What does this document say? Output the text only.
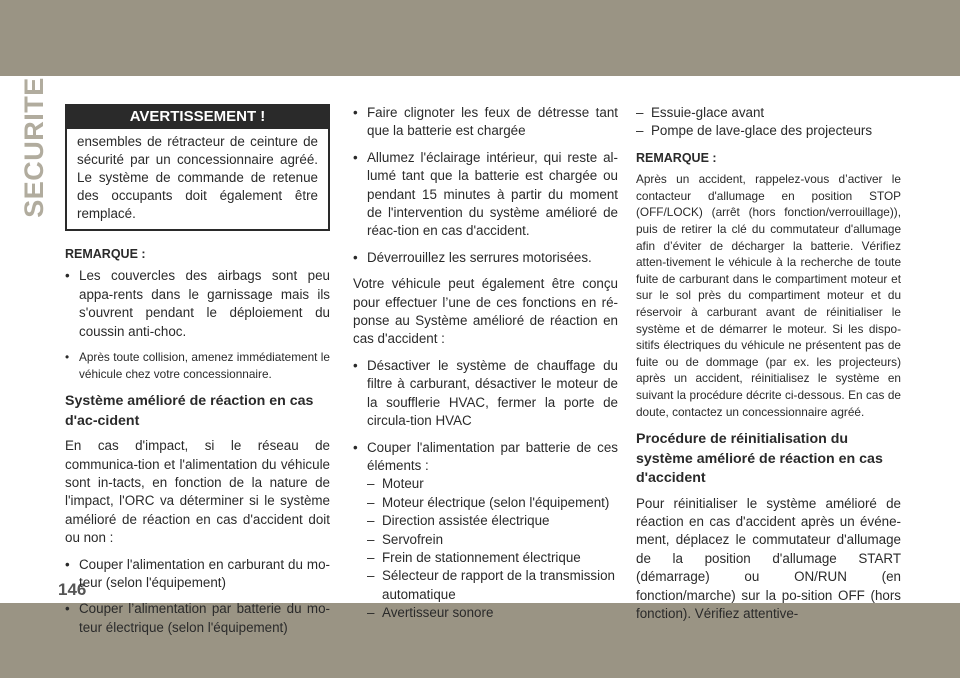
SECURITE
146
AVERTISSEMENT !
ensembles de rétracteur de ceinture de sécurité par un concessionnaire agréé. Le système de commande de retenue des occupants doit également être remplacé.
REMARQUE :
• Les couvercles des airbags sont peu appa-rents dans le garnissage mais ils s'ouvrent pendant le déploiement du coussin anti-choc.
• Après toute collision, amenez immédiatement le véhicule chez votre concessionnaire.
Système amélioré de réaction en cas d'ac-cident
En cas d'impact, si le réseau de communica-tion et l'alimentation du véhicule sont in-tacts, en fonction de la nature de l'impact, l'ORC va déterminer si le système amélioré de réaction en cas d'accident doit ou non :
• Couper l'alimentation en carburant du mo-teur (selon l'équipement)
• Couper l’alimentation par batterie du mo-teur électrique (selon l'équipement)
• Faire clignoter les feux de détresse tant que la batterie est chargée
• Allumez l'éclairage intérieur, qui reste al-lumé tant que la batterie est chargée ou pendant 15 minutes à partir du moment de l'intervention du système amélioré de réac-tion en cas d'accident.
• Déverrouillez les serrures motorisées.
Votre véhicule peut également être conçu pour effectuer l’une de ces fonctions en ré-ponse au Système amélioré de réaction en cas d'accident :
• Désactiver le système de chauffage du filtre à carburant, désactiver le moteur de la soufflerie HVAC, fermer la porte de circula-tion HVAC
• Couper l'alimentation par batterie de ces éléments :
– Moteur
– Moteur électrique (selon l'équipement)
– Direction assistée électrique
– Servofrein
– Frein de stationnement électrique
– Sélecteur de rapport de la transmission automatique
– Avertisseur sonore
– Essuie-glace avant
– Pompe de lave-glace des projecteurs
REMARQUE :
Après un accident, rappelez-vous d’activer le contacteur d'allumage en position STOP (OFF/LOCK) (arrêt (hors fonction/verrouillage)), puis de retirer la clé du commutateur d'allumage afin d’éviter de décharger la batterie. Vérifiez atten-tivement le véhicule à la recherche de toute fuite de carburant dans le compartiment moteur et sur le sol près du compartiment moteur et du réservoir à carburant avant de réinitialiser le système et de démarrer le moteur. Si les dispo-sitifs électriques du véhicule ne présentent pas de fuite ou de dommage (par ex. les projecteurs) après un accident, réinitialisez le système en suivant la procédure décrite ci-dessous. En cas de doute, contactez un concessionnaire agréé.
Procédure de réinitialisation du système amélioré de réaction en cas d'accident
Pour réinitialiser le système amélioré de réaction en cas d'accident après un événe-ment, déplacez le commutateur d'allumage de la position d'allumage START (démarrage) ou ON/RUN (en fonction/marche) sur la po-sition OFF (hors fonction). Vérifiez attentive-
